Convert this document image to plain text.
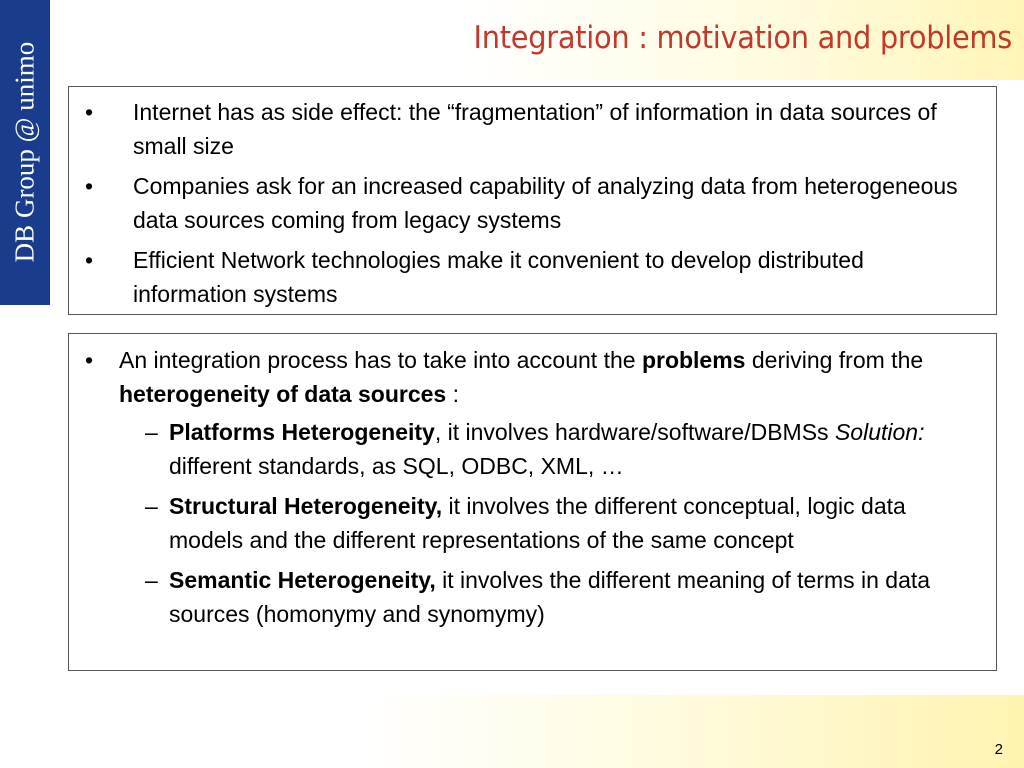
DB Group @ unimo
Integration : motivation and problems
• Internet has as side effect: the “fragmentation” of information in data sources of small size
• Companies ask for an increased capability of analyzing data from heterogeneous data sources coming from legacy systems
• Efficient Network technologies make it convenient to develop distributed information systems
• An integration process has to take into account the problems deriving from the heterogeneity of data sources :
– Platforms Heterogeneity, it involves hardware/software/DBMSs Solution: different standards, as SQL, ODBC, XML, …
– Structural Heterogeneity, it involves the different conceptual, logic data models and the different representations of the same concept
– Semantic Heterogeneity, it involves the different meaning of terms in data sources (homonymy and synomymy)
2
